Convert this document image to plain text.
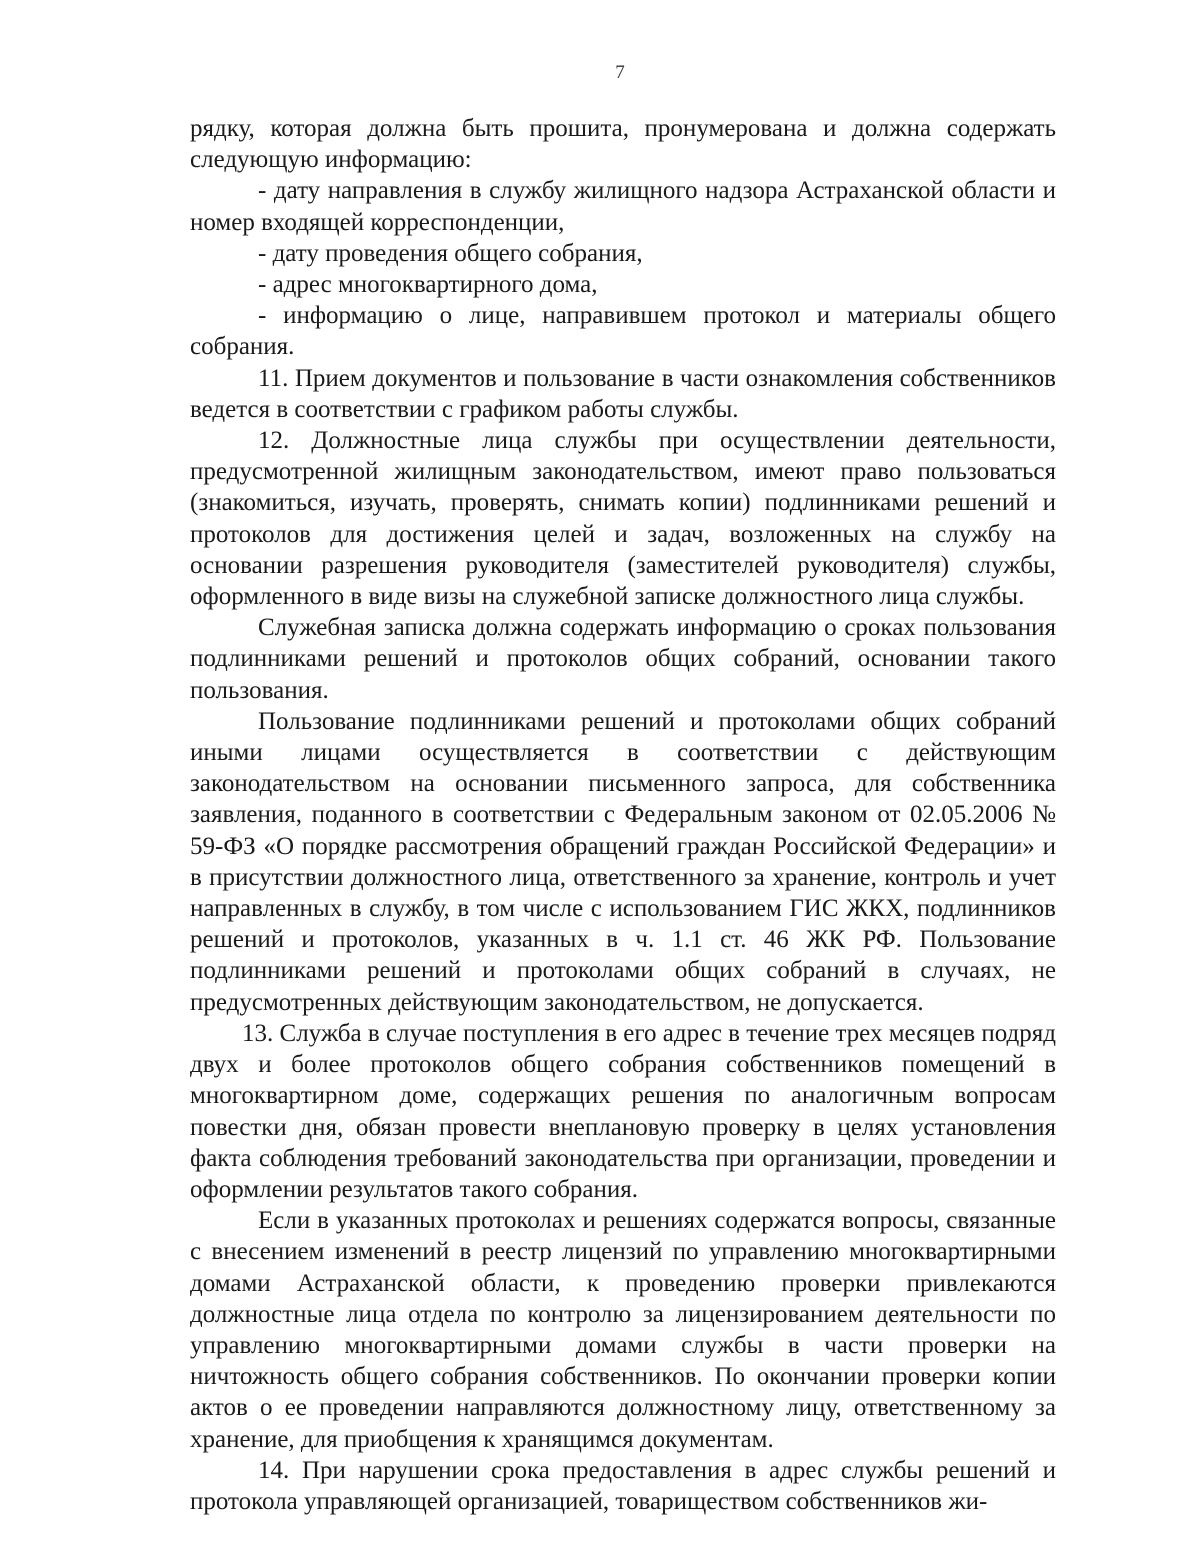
7

рядку, которая должна быть прошита, пронумерована и должна содержать следующую информацию:

- дату направления в службу жилищного надзора Астраханской области и номер входящей корреспонденции,

- дату проведения общего собрания,

- адрес многоквартирного дома,

- информацию о лице, направившем протокол и материалы общего собрания.

11. Прием документов и пользование в части ознакомления собственников ведется в соответствии с графиком работы службы.

12. Должностные лица службы при осуществлении деятельности, предусмотренной жилищным законодательством, имеют право пользоваться (знакомиться, изучать, проверять, снимать копии) подлинниками решений и протоколов для достижения целей и задач, возложенных на службу на основании разрешения руководителя (заместителей руководителя) службы, оформленного в виде визы на служебной записке должностного лица службы.

Служебная записка должна содержать информацию о сроках пользования подлинниками решений и протоколов общих собраний, основании такого пользования.

Пользование подлинниками решений и протоколами общих собраний иными лицами осуществляется в соответствии с действующим законодательством на основании письменного запроса, для собственника заявления, поданного в соответствии с Федеральным законом от 02.05.2006 № 59-ФЗ «О порядке рассмотрения обращений граждан Российской Федерации» и в присутствии должностного лица, ответственного за хранение, контроль и учет направленных в службу, в том числе с использованием ГИС ЖКХ, подлинников решений и протоколов, указанных в ч. 1.1 ст. 46 ЖК РФ. Пользование подлинниками решений и протоколами общих собраний в случаях, не предусмотренных действующим законодательством, не допускается.

13. Служба в случае поступления в его адрес в течение трех месяцев подряд двух и более протоколов общего собрания собственников помещений в многоквартирном доме, содержащих решения по аналогичным вопросам повестки дня, обязан провести внеплановую проверку в целях установления факта соблюдения требований законодательства при организации, проведении и оформлении результатов такого собрания.

Если в указанных протоколах и решениях содержатся вопросы, связанные с внесением изменений в реестр лицензий по управлению многоквартирными домами Астраханской области, к проведению проверки привлекаются должностные лица отдела по контролю за лицензированием деятельности по управлению многоквартирными домами службы в части проверки на ничтожность общего собрания собственников. По окончании проверки копии актов о ее проведении направляются должностному лицу, ответственному за хранение, для приобщения к хранящимся документам.

14. При нарушении срока предоставления в адрес службы решений и протокола управляющей организацией, товариществом собственников жи-
